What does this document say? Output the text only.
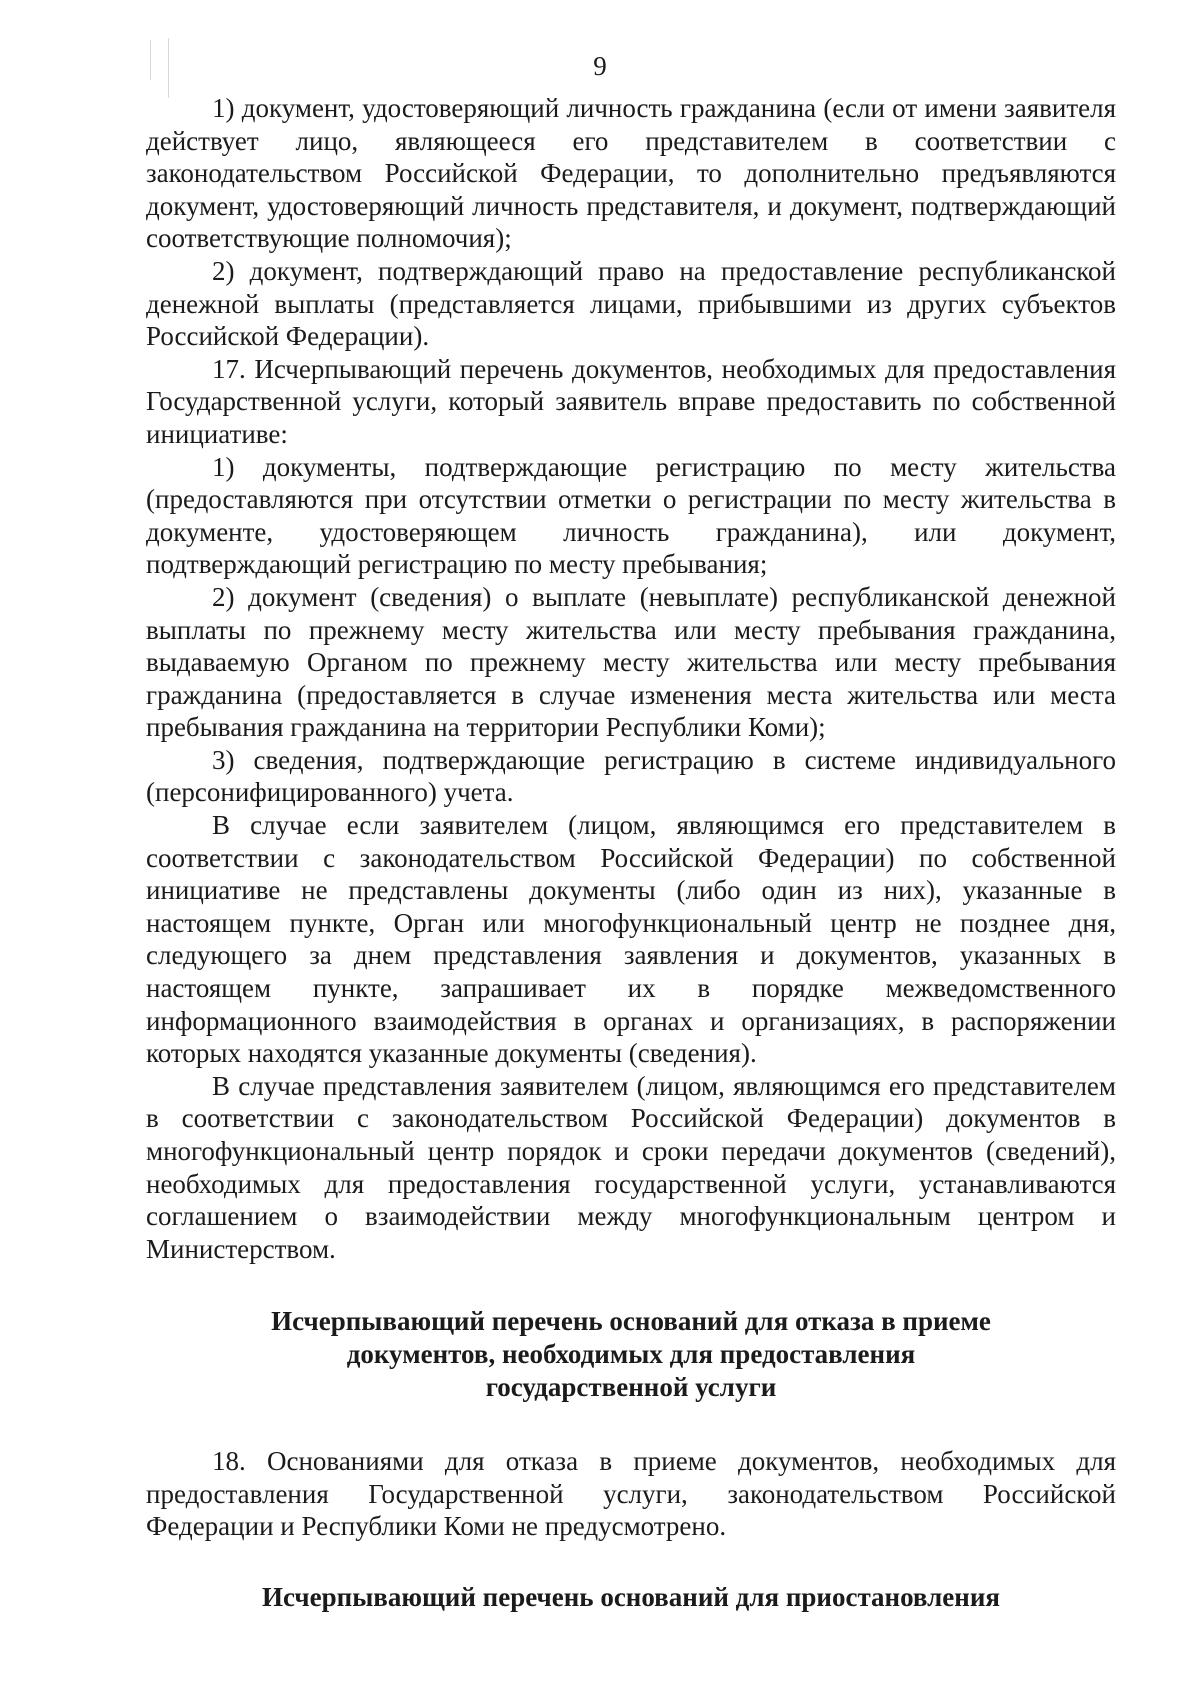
9

1) документ, удостоверяющий личность гражданина (если от имени заявителя действует лицо, являющееся его представителем в соответствии с законодательством Российской Федерации, то дополнительно предъявляются документ, удостоверяющий личность представителя, и документ, подтверждающий соответствующие полномочия);

2) документ, подтверждающий право на предоставление республиканской денежной выплаты (представляется лицами, прибывшими из других субъектов Российской Федерации).

17. Исчерпывающий перечень документов, необходимых для предоставления Государственной услуги, который заявитель вправе предоставить по собственной инициативе:

1) документы, подтверждающие регистрацию по месту жительства (предоставляются при отсутствии отметки о регистрации по месту жительства в документе, удостоверяющем личность гражданина), или документ, подтверждающий регистрацию по месту пребывания;

2) документ (сведения) о выплате (невыплате) республиканской денежной выплаты по прежнему месту жительства или месту пребывания гражданина, выдаваемую Органом по прежнему месту жительства или месту пребывания гражданина (предоставляется в случае изменения места жительства или места пребывания гражданина на территории Республики Коми);

3) сведения, подтверждающие регистрацию в системе индивидуального (персонифицированного) учета.

В случае если заявителем (лицом, являющимся его представителем в соответствии с законодательством Российской Федерации) по собственной инициативе не представлены документы (либо один из них), указанные в настоящем пункте, Орган или многофункциональный центр не позднее дня, следующего за днем представления заявления и документов, указанных в настоящем пункте, запрашивает их в порядке межведомственного информационного взаимодействия в органах и организациях, в распоряжении которых находятся указанные документы (сведения).

В случае представления заявителем (лицом, являющимся его представителем в соответствии с законодательством Российской Федерации) документов в многофункциональный центр порядок и сроки передачи документов (сведений), необходимых для предоставления государственной услуги, устанавливаются соглашением о взаимодействии между многофункциональным центром и Министерством.

Исчерпывающий перечень оснований для отказа в приеме
документов, необходимых для предоставления
государственной услуги

18. Основаниями для отказа в приеме документов, необходимых для предоставления Государственной услуги, законодательством Российской Федерации и Республики Коми не предусмотрено.

Исчерпывающий перечень оснований для приостановления
